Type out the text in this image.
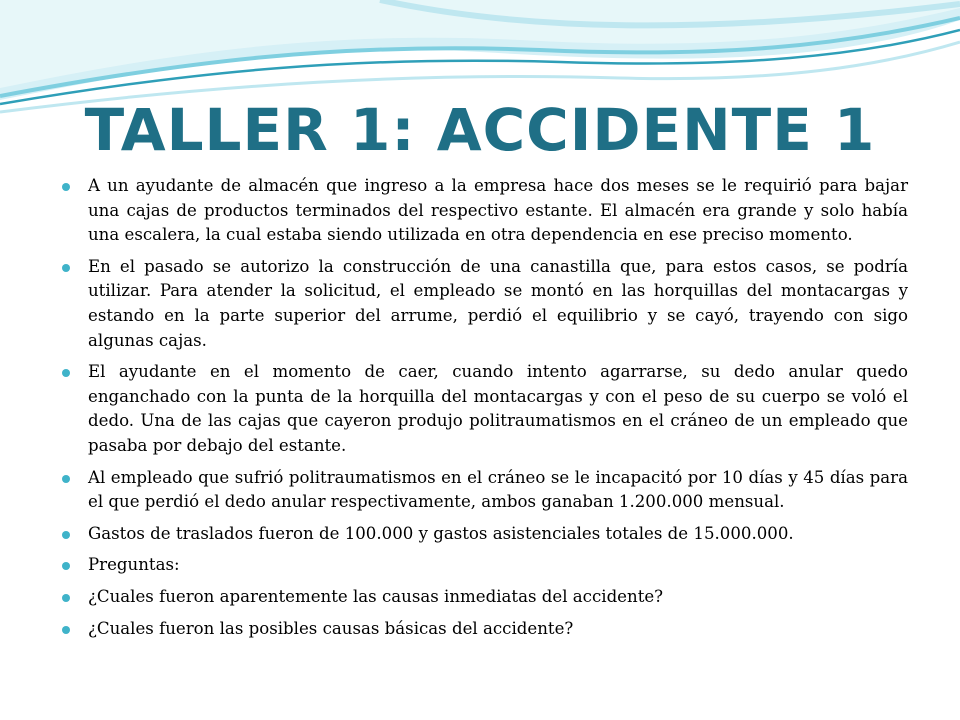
TALLER 1: ACCIDENTE 1
A un ayudante de almacén que ingreso a la empresa hace dos meses se le requirió para bajar una cajas de productos terminados del respectivo estante. El almacén era grande y solo había una escalera, la cual estaba siendo utilizada en otra dependencia en ese preciso momento.
En el pasado se autorizo la construcción de una canastilla que, para estos casos, se podría utilizar. Para atender la solicitud, el empleado se montó en las horquillas del montacargas y estando en la parte superior del arrume, perdió el equilibrio y se cayó, trayendo con sigo algunas cajas.
El ayudante en el momento de caer, cuando intento agarrarse, su dedo anular quedo enganchado con la punta de la horquilla del montacargas y con el peso de su cuerpo se voló el dedo. Una de las cajas que cayeron produjo politraumatismos en el cráneo de un empleado que pasaba por debajo del estante.
Al empleado que sufrió politraumatismos en el cráneo se le incapacitó por 10 días y 45 días para el que perdió el dedo anular respectivamente, ambos ganaban 1.200.000 mensual.
Gastos de traslados fueron de 100.000 y gastos asistenciales totales de 15.000.000.
Preguntas:
¿Cuales fueron aparentemente las causas inmediatas del accidente?
¿Cuales fueron las posibles causas básicas del accidente?
